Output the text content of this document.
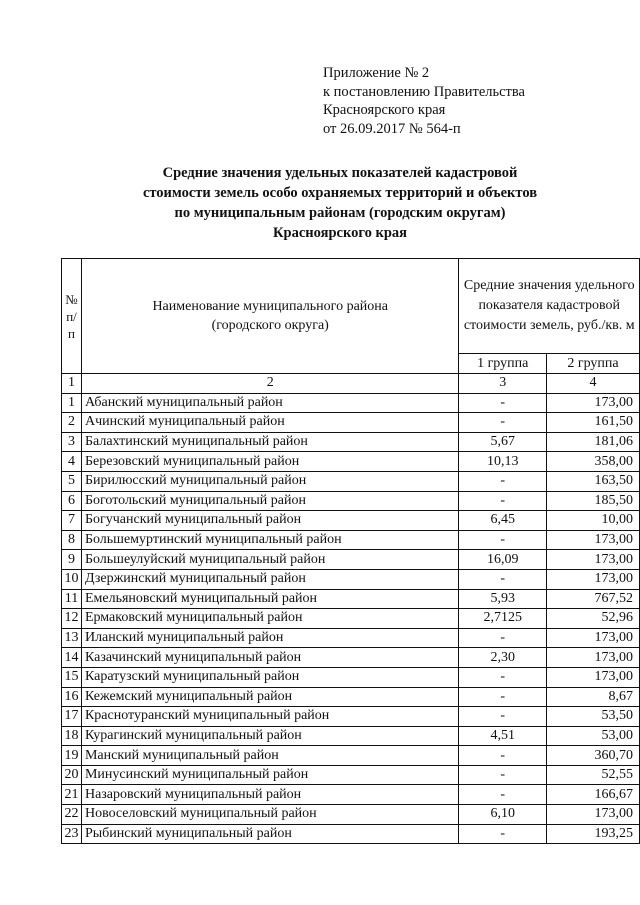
Приложение № 2
к постановлению Правительства
Красноярского края
от 26.09.2017 № 564-п
Средние значения удельных показателей кадастровой
стоимости земель особо охраняемых территорий и объектов
по муниципальным районам (городским округам)
Красноярского края
№ п/ п	Наименование муниципального района (городского округа)	Средние значения удельного показателя кадастровой стоимости земель, руб./кв. м	
		1 группа	2 группа
1	2	3	4
1	Абанский муниципальный район	-	173,00
2	Ачинский муниципальный район	-	161,50
3	Балахтинский муниципальный район	5,67	181,06
4	Березовский муниципальный район	10,13	358,00
5	Бирилюсский муниципальный район	-	163,50
6	Боготольский муниципальный район	-	185,50
7	Богучанский муниципальный район	6,45	10,00
8	Большемуртинский муниципальный район	-	173,00
9	Большеулуйский муниципальный район	16,09	173,00
10	Дзержинский муниципальный район	-	173,00
11	Емельяновский муниципальный район	5,93	767,52
12	Ермаковский муниципальный район	2,7125	52,96
13	Иланский муниципальный район	-	173,00
14	Казачинский муниципальный район	2,30	173,00
15	Каратузский муниципальный район	-	173,00
16	Кежемский муниципальный район	-	8,67
17	Краснотуранский муниципальный район	-	53,50
18	Курагинский муниципальный район	4,51	53,00
19	Манский муниципальный район	-	360,70
20	Минусинский муниципальный район	-	52,55
21	Назаровский муниципальный район	-	166,67
22	Новоселовский муниципальный район	6,10	173,00
23	Рыбинский муниципальный район	-	193,25
